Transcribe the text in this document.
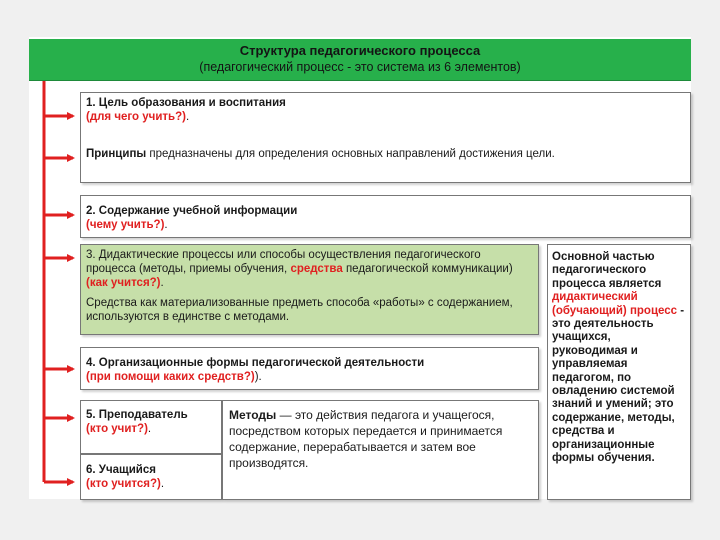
Структура педагогического процесса
(педагогический процесс - это система из 6 элементов)

1. Цель образования и воспитания

(для чего учить?).

Принципы предназначены для определения основных направлений достижения цели.

2. Содержание учебной информации

(чему учить?).

3. Дидактические процессы или способы осуществления педагогического процесса (методы, приемы обучения, средства педагогической коммуникации)

(как учится?).

Средства как материализованные предметь способа «работы» с содержанием, используются в единстве с методами.

4. Организационные формы педагогической деятельности

(при помощи каких средств?)).

5. Преподаватель

(кто учит?).

6. Учащийся

(кто учится?).

Методы — это действия педагога и учащегося, посредством которых передается и принимается содержание, перерабатывается и затем вое производятся.

Основной частью педагогического процесса является дидактический (обучающий) процесс - это деятельность учащихся, руководимая и управляемая педагогом, по овладению системой знаний и умений; это содержание, методы, средства и организационные формы обучения.
